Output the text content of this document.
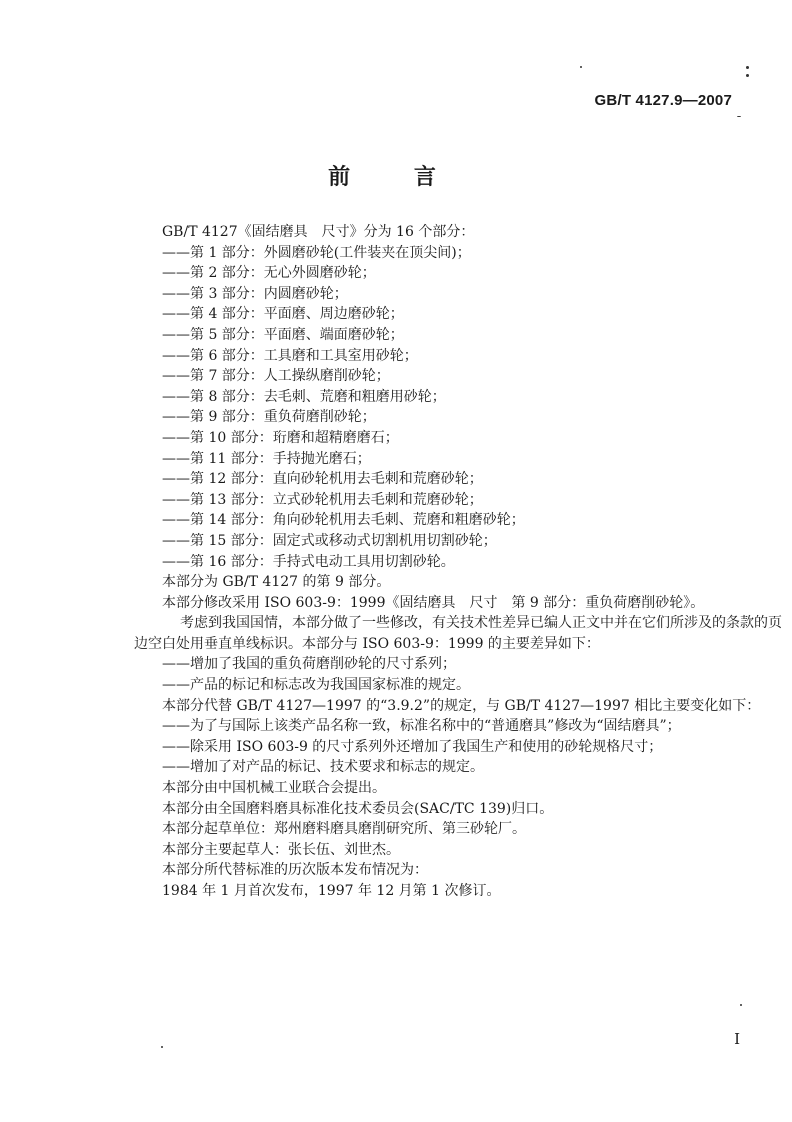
GB/T 4127.9—2007
前 言
GB/T 4127《固结磨具　尺寸》分为 16 个部分：
——第 1 部分：外圆磨砂轮(工件装夹在顶尖间)；
——第 2 部分：无心外圆磨砂轮；
——第 3 部分：内圆磨砂轮；
——第 4 部分：平面磨、周边磨砂轮；
——第 5 部分：平面磨、端面磨砂轮；
——第 6 部分：工具磨和工具室用砂轮；
——第 7 部分：人工操纵磨削砂轮；
——第 8 部分：去毛刺、荒磨和粗磨用砂轮；
——第 9 部分：重负荷磨削砂轮；
——第 10 部分：珩磨和超精磨磨石；
——第 11 部分：手持抛光磨石；
——第 12 部分：直向砂轮机用去毛刺和荒磨砂轮；
——第 13 部分：立式砂轮机用去毛刺和荒磨砂轮；
——第 14 部分：角向砂轮机用去毛刺、荒磨和粗磨砂轮；
——第 15 部分：固定式或移动式切割机用切割砂轮；
——第 16 部分：手持式电动工具用切割砂轮。
本部分为 GB/T 4127 的第 9 部分。
本部分修改采用 ISO 603-9：1999《固结磨具　尺寸　第 9 部分：重负荷磨削砂轮》。
考虑到我国国情，本部分做了一些修改，有关技术性差异已编人正文中并在它们所涉及的条款的页
边空白处用垂直单线标识。本部分与 ISO 603-9：1999 的主要差异如下：
——增加了我国的重负荷磨削砂轮的尺寸系列；
——产品的标记和标志改为我国国家标准的规定。
本部分代替 GB/T 4127—1997 的“3.9.2”的规定，与 GB/T 4127—1997 相比主要变化如下：
——为了与国际上该类产品名称一致，标准名称中的“普通磨具”修改为“固结磨具”；
——除采用 ISO 603-9 的尺寸系列外还增加了我国生产和使用的砂轮规格尺寸；
——增加了对产品的标记、技术要求和标志的规定。
本部分由中国机械工业联合会提出。
本部分由全国磨料磨具标准化技术委员会(SAC/TC 139)归口。
本部分起草单位：郑州磨料磨具磨削研究所、第三砂轮厂。
本部分主要起草人：张长伍、刘世杰。
本部分所代替标准的历次版本发布情况为：
1984 年 1 月首次发布，1997 年 12 月第 1 次修订。
I
